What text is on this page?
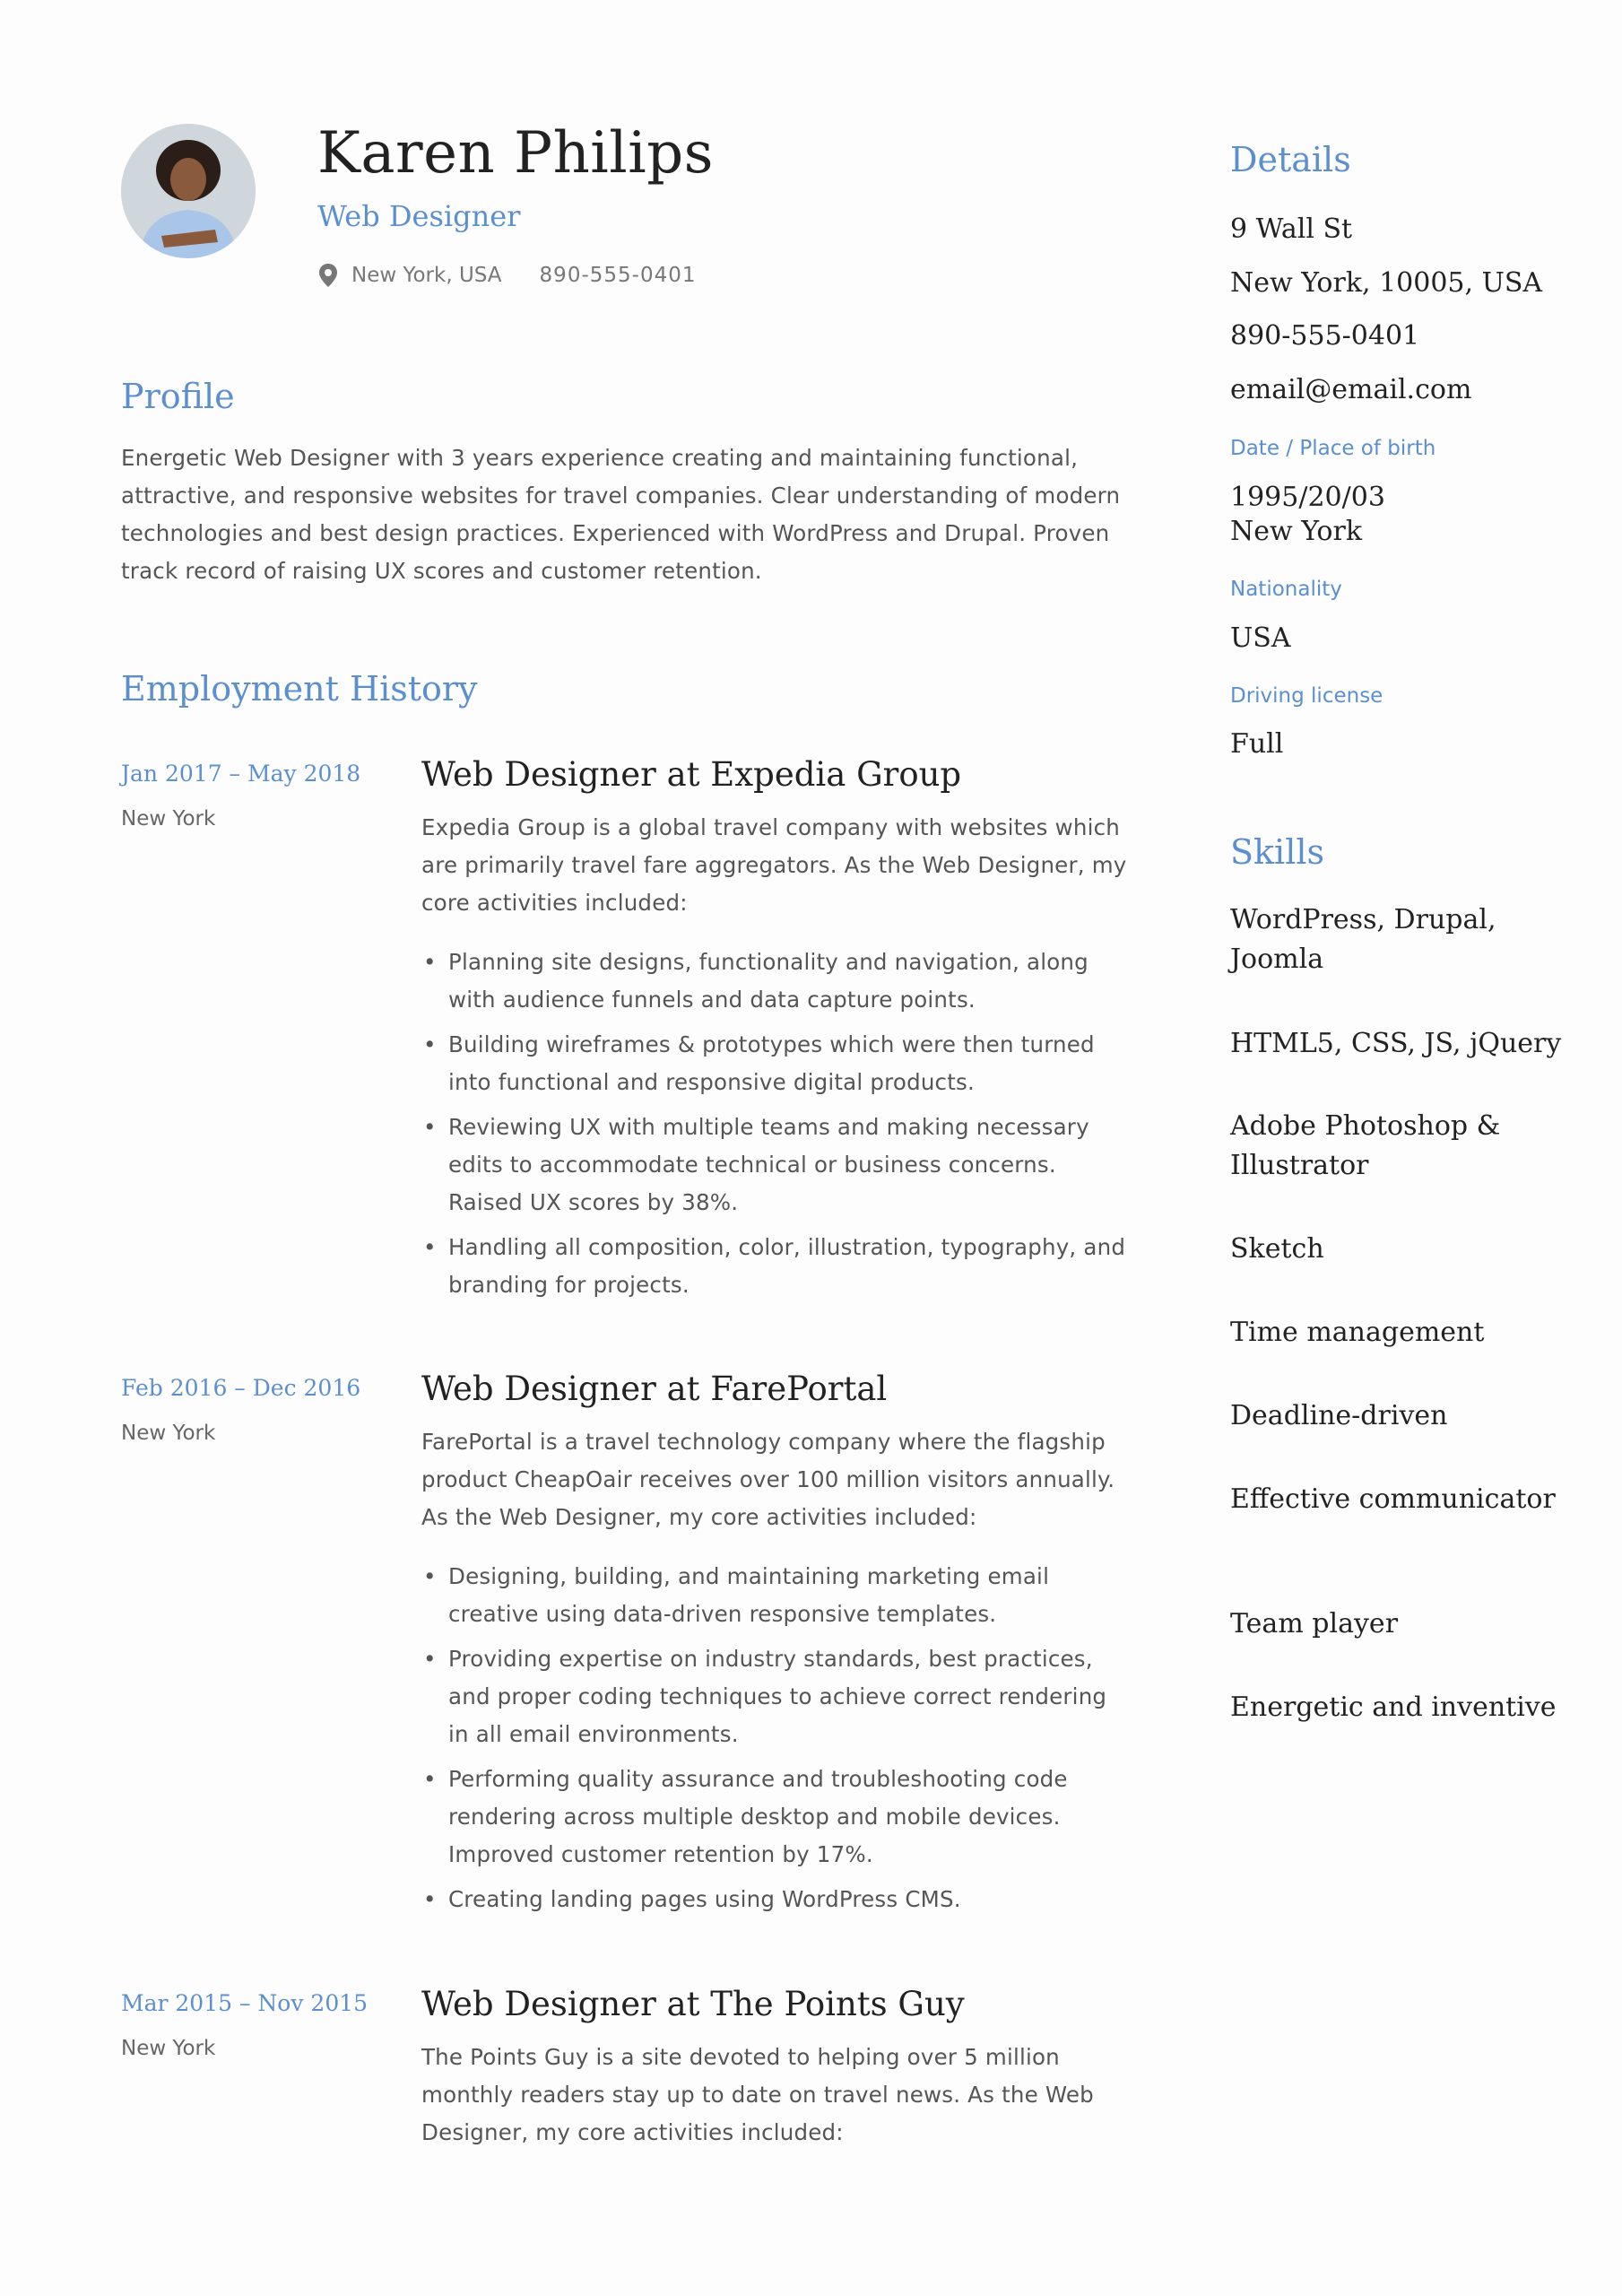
Karen Philips
Web Designer
New York, USA 890-555-0401
Profile
Energetic Web Designer with 3 years experience creating and maintaining functional, attractive, and responsive websites for travel companies. Clear understanding of modern technologies and best design practices. Experienced with WordPress and Drupal. Proven track record of raising UX scores and customer retention.
Employment History
Jan 2017 – May 2018
New York
Web Designer at Expedia Group
Expedia Group is a global travel company with websites which are primarily travel fare aggregators. As the Web Designer, my core activities included:
• Planning site designs, functionality and navigation, along with audience funnels and data capture points.
• Building wireframes & prototypes which were then turned into functional and responsive digital products.
• Reviewing UX with multiple teams and making necessary edits to accommodate technical or business concerns. Raised UX scores by 38%.
• Handling all composition, color, illustration, typography, and branding for projects.
Feb 2016 – Dec 2016
New York
Web Designer at FarePortal
FarePortal is a travel technology company where the flagship product CheapOair receives over 100 million visitors annually. As the Web Designer, my core activities included:
• Designing, building, and maintaining marketing email creative using data-driven responsive templates.
• Providing expertise on industry standards, best practices, and proper coding techniques to achieve correct rendering in all email environments.
• Performing quality assurance and troubleshooting code rendering across multiple desktop and mobile devices. Improved customer retention by 17%.
• Creating landing pages using WordPress CMS.
Mar 2015 – Nov 2015
New York
Web Designer at The Points Guy
The Points Guy is a site devoted to helping over 5 million monthly readers stay up to date on travel news. As the Web Designer, my core activities included:
Details
9 Wall St
New York, 10005, USA
890-555-0401
email@email.com
Date / Place of birth
1995/20/03
New York
Nationality
USA
Driving license
Full
Skills
WordPress, Drupal, Joomla
HTML5, CSS, JS, jQuery
Adobe Photoshop & Illustrator
Sketch
Time management
Deadline-driven
Effective communicator
Team player
Energetic and inventive
